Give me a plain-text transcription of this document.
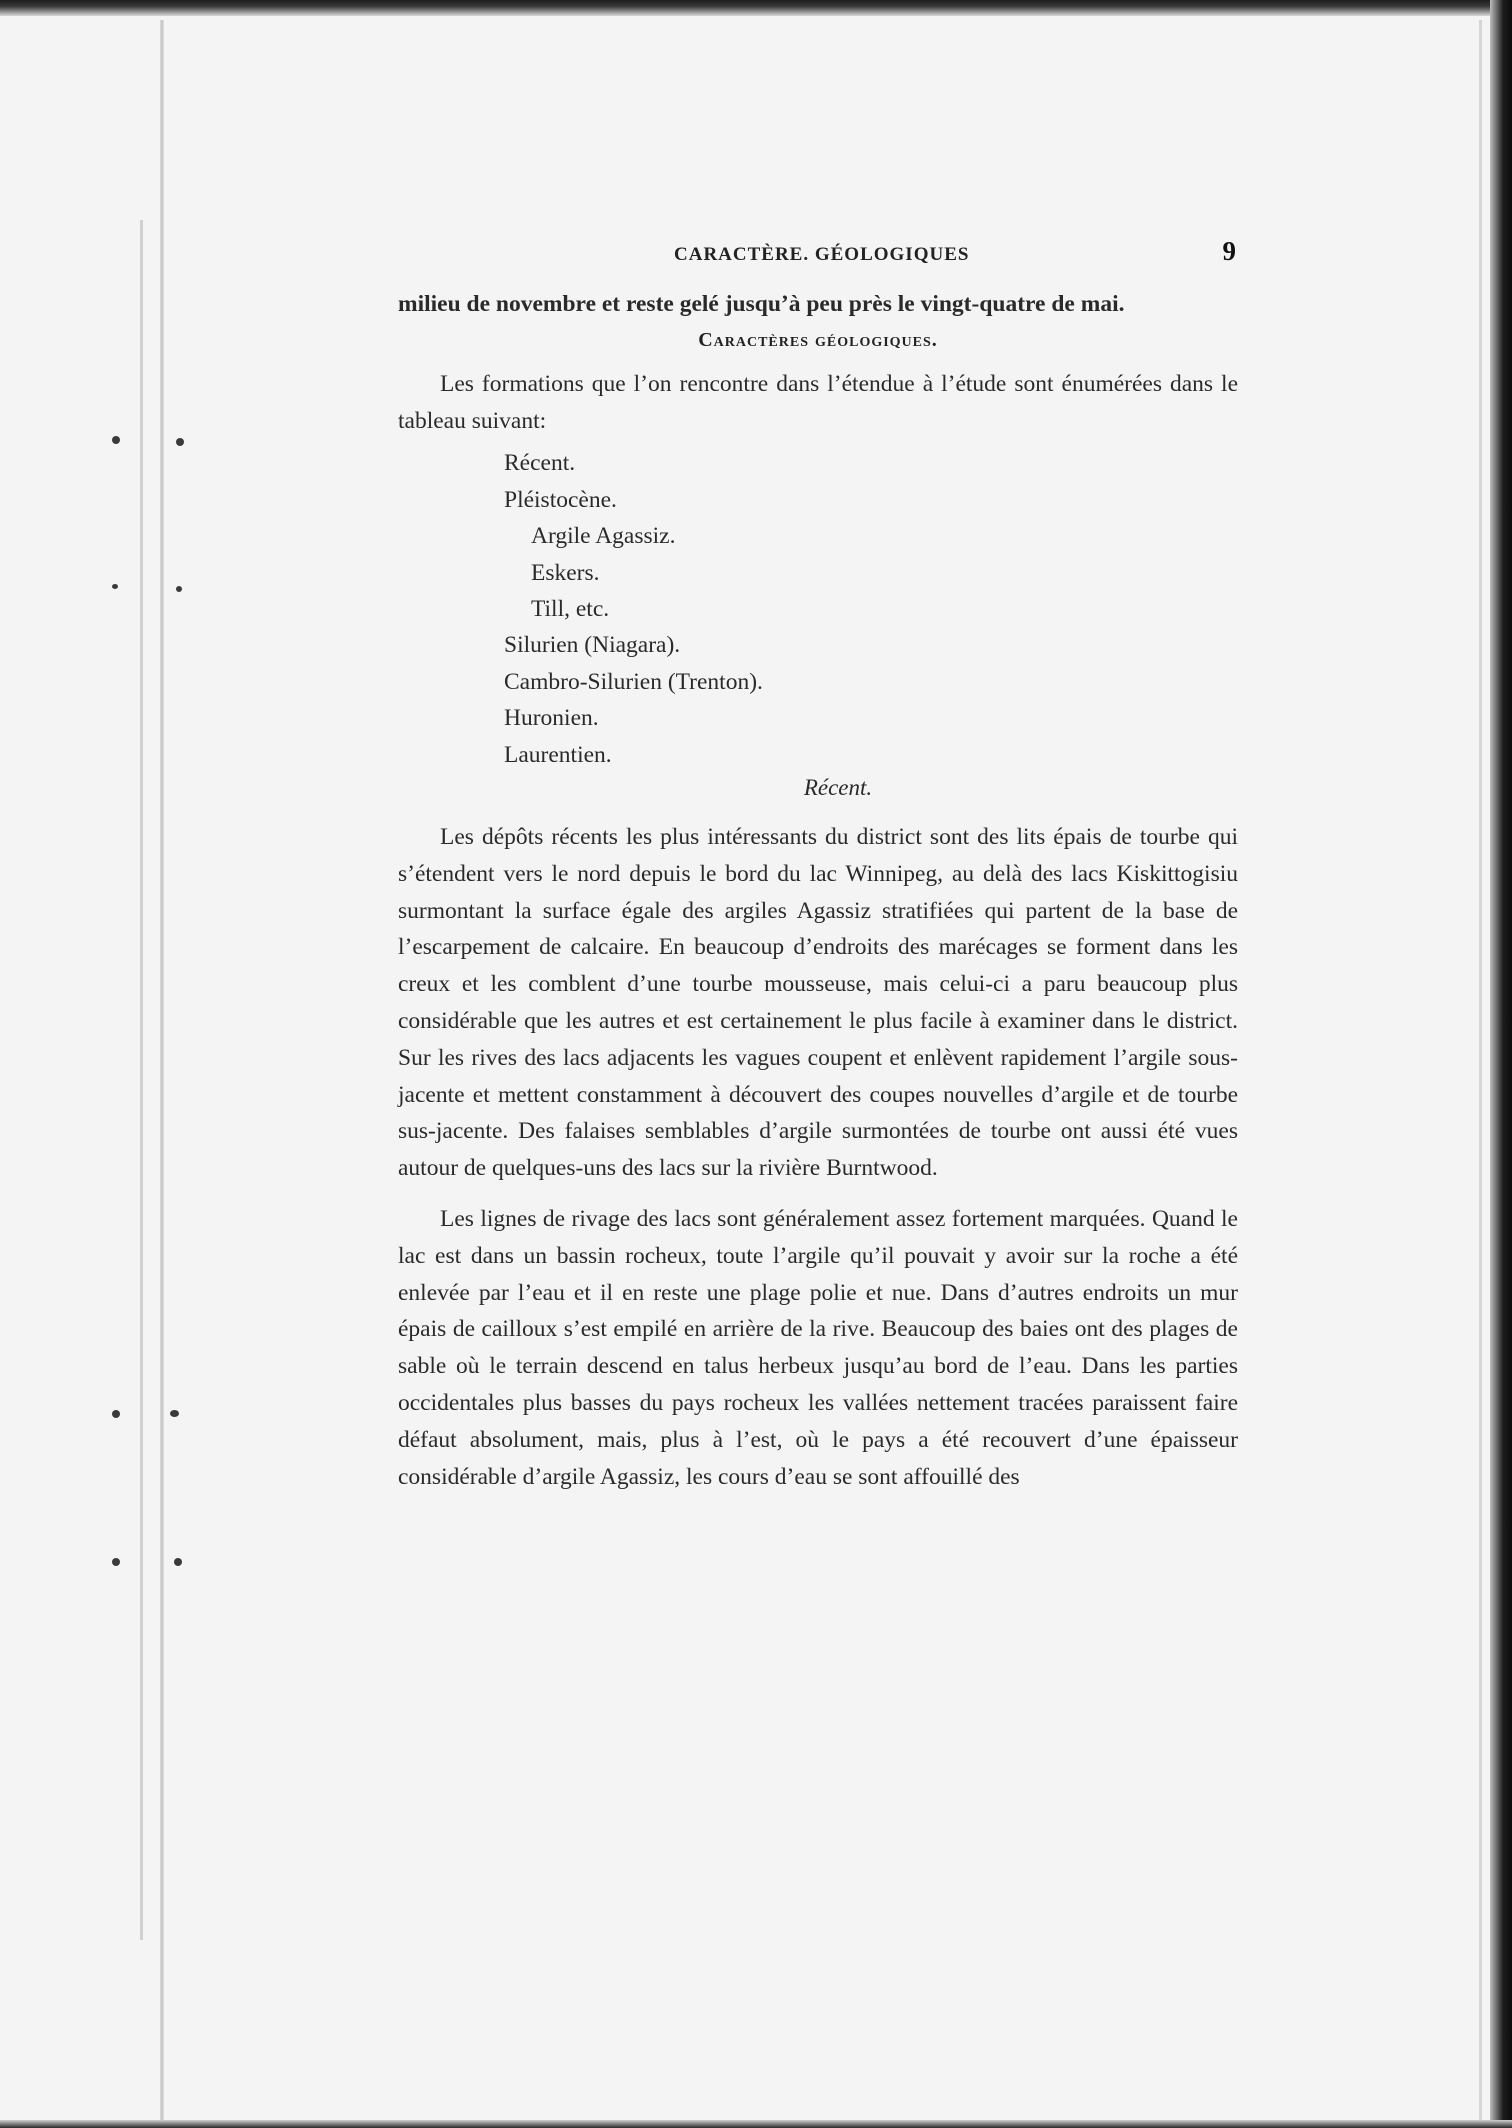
CARACTÈRE. GÉOLOGIQUES	9

milieu de novembre et reste gelé jusqu’à peu près le vingt-quatre de mai.

Caractères géologiques.

Les formations que l’on rencontre dans l’étendue à l’étude sont énumérées dans le tableau suivant:

Récent.
Pléistocène.
Argile Agassiz.
Eskers.
Till, etc.
Silurien (Niagara).
Cambro-Silurien (Trenton).
Huronien.
Laurentien.
Récent.

Les dépôts récents les plus intéressants du district sont des lits épais de tourbe qui s’étendent vers le nord depuis le bord du lac Winnipeg, au delà des lacs Kiskittogisiu surmontant la surface égale des argiles Agassiz stratifiées qui partent de la base de l’escarpement de calcaire. En beaucoup d’endroits des marécages se forment dans les creux et les comblent d’une tourbe mousseuse, mais celui-ci a paru beaucoup plus considérable que les autres et est certainement le plus facile à examiner dans le district. Sur les rives des lacs adjacents les vagues coupent et enlèvent rapidement l’argile sous-jacente et mettent constamment à découvert des coupes nouvelles d’argile et de tourbe sus-jacente. Des falaises semblables d’argile surmontées de tourbe ont aussi été vues autour de quelques-uns des lacs sur la rivière Burntwood.

Les lignes de rivage des lacs sont généralement assez fortement marquées. Quand le lac est dans un bassin rocheux, toute l’argile qu’il pouvait y avoir sur la roche a été enlevée par l’eau et il en reste une plage polie et nue. Dans d’autres endroits un mur épais de cailloux s’est empilé en arrière de la rive. Beaucoup des baies ont des plages de sable où le terrain descend en talus herbeux jusqu’au bord de l’eau. Dans les parties occidentales plus basses du pays rocheux les vallées nettement tracées paraissent faire défaut absolument, mais, plus à l’est, où le pays a été recouvert d’une épaisseur considérable d’argile Agassiz, les cours d’eau se sont affouillé des
